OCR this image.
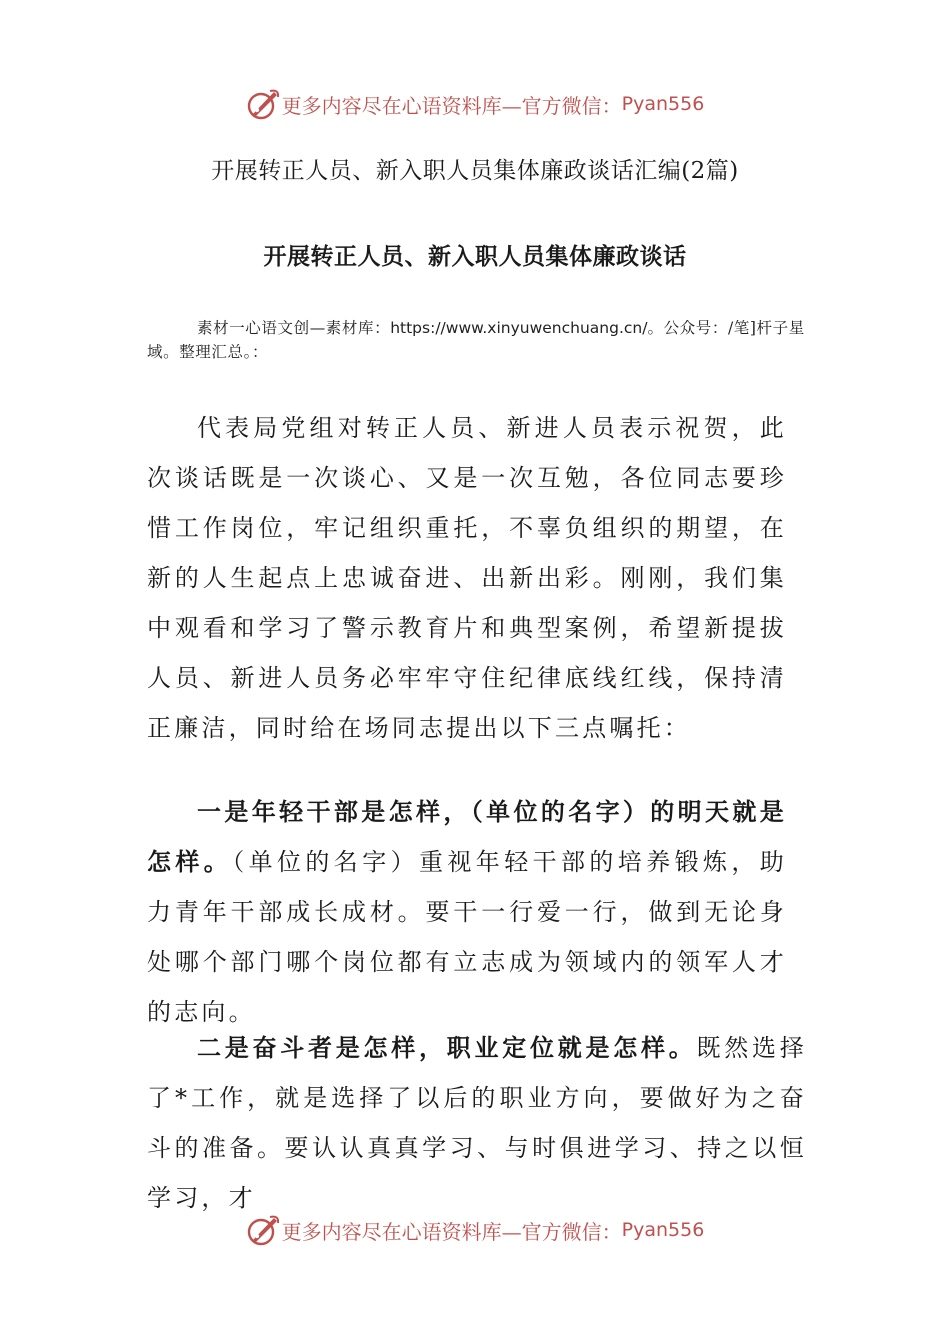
更多内容尽在心语资料库—官方微信： Pyan556
开展转正人员、新入职人员集体廉政谈话汇编(2篇)
开展转正人员、新入职人员集体廉政谈话
素材一心语文创—素材库：https://www.xinyuwenchuang.cn/。公众号：/笔]杆子星域。整理汇总。：
代表局党组对转正人员、新进人员表示祝贺，此次谈话既是一次谈心、又是一次互勉，各位同志要珍惜工作岗位，牢记组织重托，不辜负组织的期望，在新的人生起点上忠诚奋进、出新出彩。刚刚，我们集中观看和学习了警示教育片和典型案例，希望新提拔人员、新进人员务必牢牢守住纪律底线红线，保持清正廉洁，同时给在场同志提出以下三点嘱托：
一是年轻干部是怎样，（单位的名字）的明天就是怎样。（单位的名字）重视年轻干部的培养锻炼，助力青年干部成长成材。要干一行爱一行，做到无论身处哪个部门哪个岗位都有立志成为领域内的领军人才的志向。
二是奋斗者是怎样，职业定位就是怎样。既然选择了*工作，就是选择了以后的职业方向，要做好为之奋斗的准备。要认认真真学习、与时俱进学习、持之以恒学习，才
更多内容尽在心语资料库—官方微信： Pyan556
